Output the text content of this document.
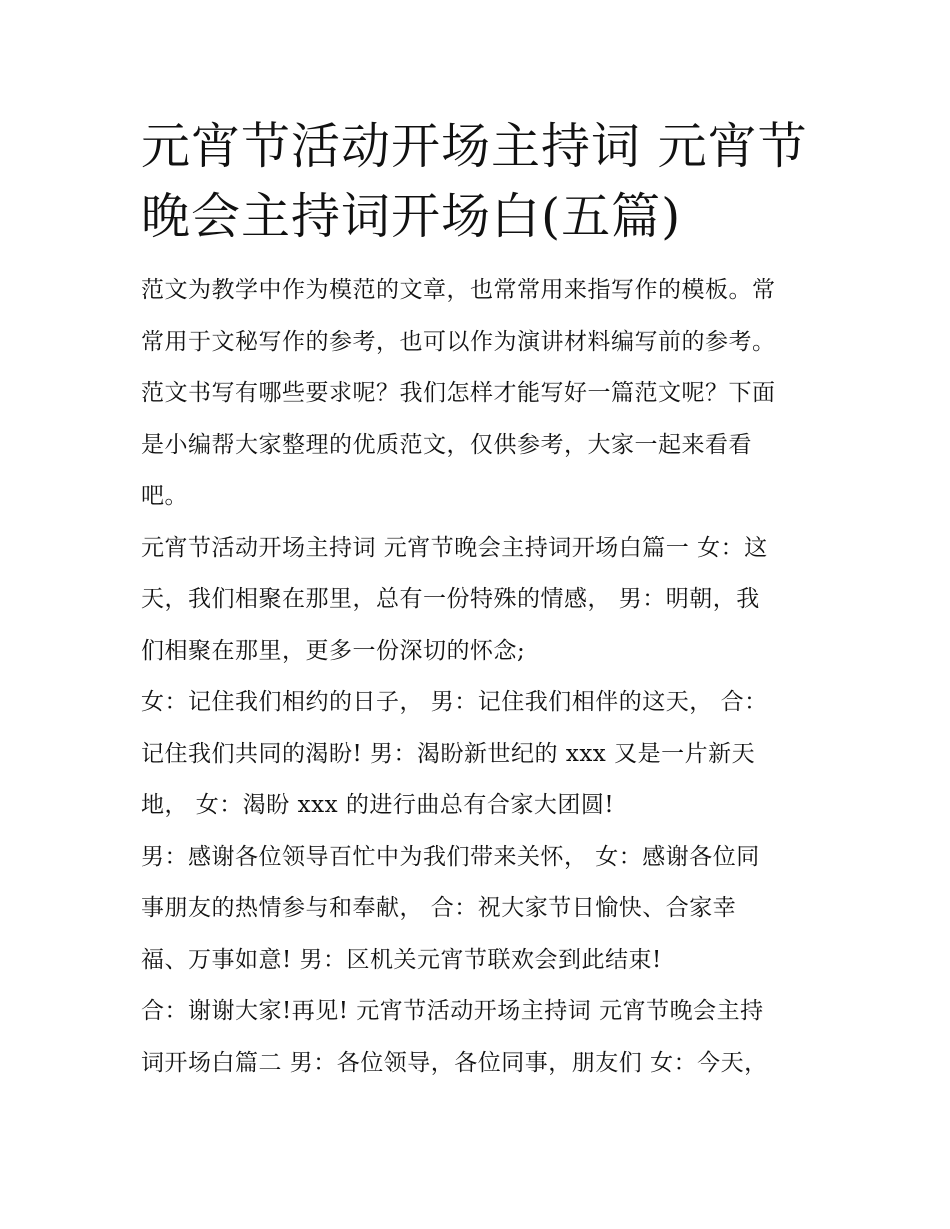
元宵节活动开场主持词 元宵节
晚会主持词开场白(五篇)
范文为教学中作为模范的文章，也常常用来指写作的模板。常
常用于文秘写作的参考，也可以作为演讲材料编写前的参考。
范文书写有哪些要求呢？我们怎样才能写好一篇范文呢？下面
是小编帮大家整理的优质范文，仅供参考，大家一起来看看
吧。
元宵节活动开场主持词 元宵节晚会主持词开场白篇一 女：这
天，我们相聚在那里，总有一份特殊的情感， 男：明朝，我
们相聚在那里，更多一份深切的怀念;
女：记住我们相约的日子， 男：记住我们相伴的这天， 合：
记住我们共同的渴盼! 男：渴盼新世纪的 xxx 又是一片新天
地， 女：渴盼 xxx 的进行曲总有合家大团圆!
男：感谢各位领导百忙中为我们带来关怀， 女：感谢各位同
事朋友的热情参与和奉献， 合：祝大家节日愉快、合家幸
福、万事如意! 男：区机关元宵节联欢会到此结束!
合：谢谢大家!再见! 元宵节活动开场主持词 元宵节晚会主持
词开场白篇二 男：各位领导，各位同事，朋友们 女：今天，
